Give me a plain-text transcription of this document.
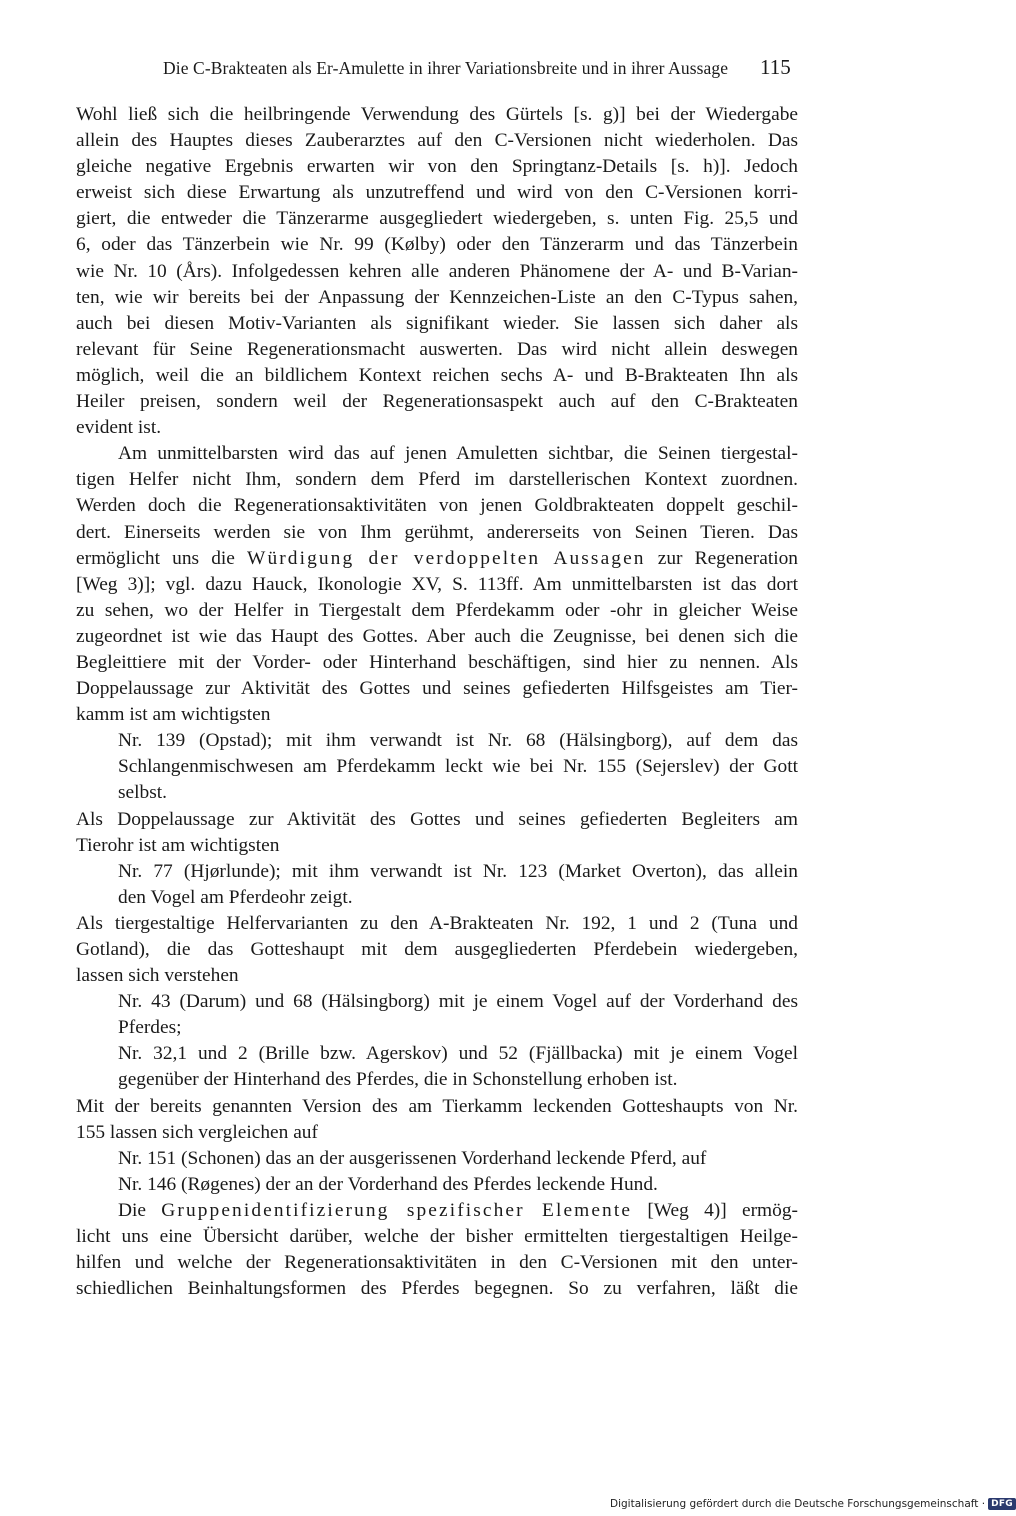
Die C-Brakteaten als Er-Amulette in ihrer Variationsbreite und in ihrer Aussage 115
Wohl ließ sich die heilbringende Verwendung des Gürtels [s. g)] bei der Wiedergabe
allein des Hauptes dieses Zauberarztes auf den C-Versionen nicht wiederholen. Das
gleiche negative Ergebnis erwarten wir von den Springtanz-Details [s. h)]. Jedoch
erweist sich diese Erwartung als unzutreffend und wird von den C-Versionen korri-
giert, die entweder die Tänzerarme ausgegliedert wiedergeben, s. unten Fig. 25,5 und
6, oder das Tänzerbein wie Nr. 99 (Kølby) oder den Tänzerarm und das Tänzerbein
wie Nr. 10 (Års). Infolgedessen kehren alle anderen Phänomene der A- und B-Varian-
ten, wie wir bereits bei der Anpassung der Kennzeichen-Liste an den C-Typus sahen,
auch bei diesen Motiv-Varianten als signifikant wieder. Sie lassen sich daher als
relevant für Seine Regenerationsmacht auswerten. Das wird nicht allein deswegen
möglich, weil die an bildlichem Kontext reichen sechs A- und B-Brakteaten Ihn als
Heiler preisen, sondern weil der Regenerationsaspekt auch auf den C-Brakteaten
evident ist.
Am unmittelbarsten wird das auf jenen Amuletten sichtbar, die Seinen tiergestal-
tigen Helfer nicht Ihm, sondern dem Pferd im darstellerischen Kontext zuordnen.
Werden doch die Regenerationsaktivitäten von jenen Goldbrakteaten doppelt geschil-
dert. Einerseits werden sie von Ihm gerühmt, andererseits von Seinen Tieren. Das
ermöglicht uns die Würdigung der verdoppelten Aussagen zur Regeneration
[Weg 3)]; vgl. dazu Hauck, Ikonologie XV, S. 113ff. Am unmittelbarsten ist das dort
zu sehen, wo der Helfer in Tiergestalt dem Pferdekamm oder -ohr in gleicher Weise
zugeordnet ist wie das Haupt des Gottes. Aber auch die Zeugnisse, bei denen sich die
Begleittiere mit der Vorder- oder Hinterhand beschäftigen, sind hier zu nennen. Als
Doppelaussage zur Aktivität des Gottes und seines gefiederten Hilfsgeistes am Tier-
kamm ist am wichtigsten
Nr. 139 (Opstad); mit ihm verwandt ist Nr. 68 (Hälsingborg), auf dem das
Schlangenmischwesen am Pferdekamm leckt wie bei Nr. 155 (Sejerslev) der Gott
selbst.
Als Doppelaussage zur Aktivität des Gottes und seines gefiederten Begleiters am
Tierohr ist am wichtigsten
Nr. 77 (Hjørlunde); mit ihm verwandt ist Nr. 123 (Market Overton), das allein
den Vogel am Pferdeohr zeigt.
Als tiergestaltige Helfervarianten zu den A-Brakteaten Nr. 192, 1 und 2 (Tuna und
Gotland), die das Gotteshaupt mit dem ausgegliederten Pferdebein wiedergeben,
lassen sich verstehen
Nr. 43 (Darum) und 68 (Hälsingborg) mit je einem Vogel auf der Vorderhand des
Pferdes;
Nr. 32,1 und 2 (Brille bzw. Agerskov) und 52 (Fjällbacka) mit je einem Vogel
gegenüber der Hinterhand des Pferdes, die in Schonstellung erhoben ist.
Mit der bereits genannten Version des am Tierkamm leckenden Gotteshaupts von Nr.
155 lassen sich vergleichen auf
Nr. 151 (Schonen) das an der ausgerissenen Vorderhand leckende Pferd, auf
Nr. 146 (Røgenes) der an der Vorderhand des Pferdes leckende Hund.
Die Gruppenidentifizierung spezifischer Elemente [Weg 4)] ermög-
licht uns eine Übersicht darüber, welche der bisher ermittelten tiergestaltigen Heilge-
hilfen und welche der Regenerationsaktivitäten in den C-Versionen mit den unter-
schiedlichen Beinhaltungsformen des Pferdes begegnen. So zu verfahren, läßt die
Digitalisierung gefördert durch die Deutsche Forschungsgemeinschaft · DFG
